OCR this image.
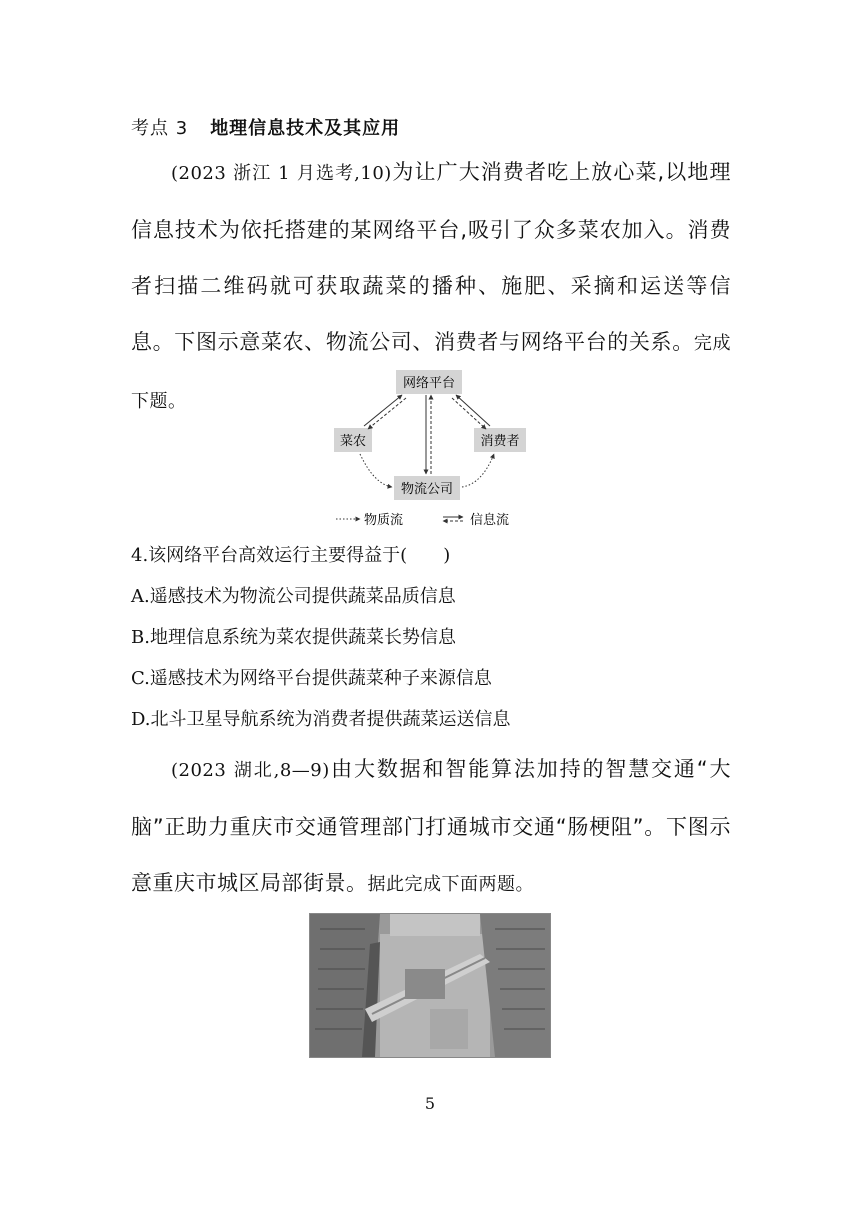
考点 3 地理信息技术及其应用
(2023 浙江 1 月选考,10)为让广大消费者吃上放心菜,以地理信息技术为依托搭建的某网络平台,吸引了众多菜农加入。消费者扫描二维码就可获取蔬菜的播种、施肥、采摘和运送等信息。下图示意菜农、物流公司、消费者与网络平台的关系。完成下题。
网络平台
菜农	消费者
物流公司
物质流	信息流
4.该网络平台高效运行主要得益于(　　)
A.遥感技术为物流公司提供蔬菜品质信息
B.地理信息系统为菜农提供蔬菜长势信息
C.遥感技术为网络平台提供蔬菜种子来源信息
D.北斗卫星导航系统为消费者提供蔬菜运送信息
(2023 湖北,8—9)由大数据和智能算法加持的智慧交通“大脑”正助力重庆市交通管理部门打通城市交通“肠梗阻”。下图示意重庆市城区局部街景。据此完成下面两题。
5
